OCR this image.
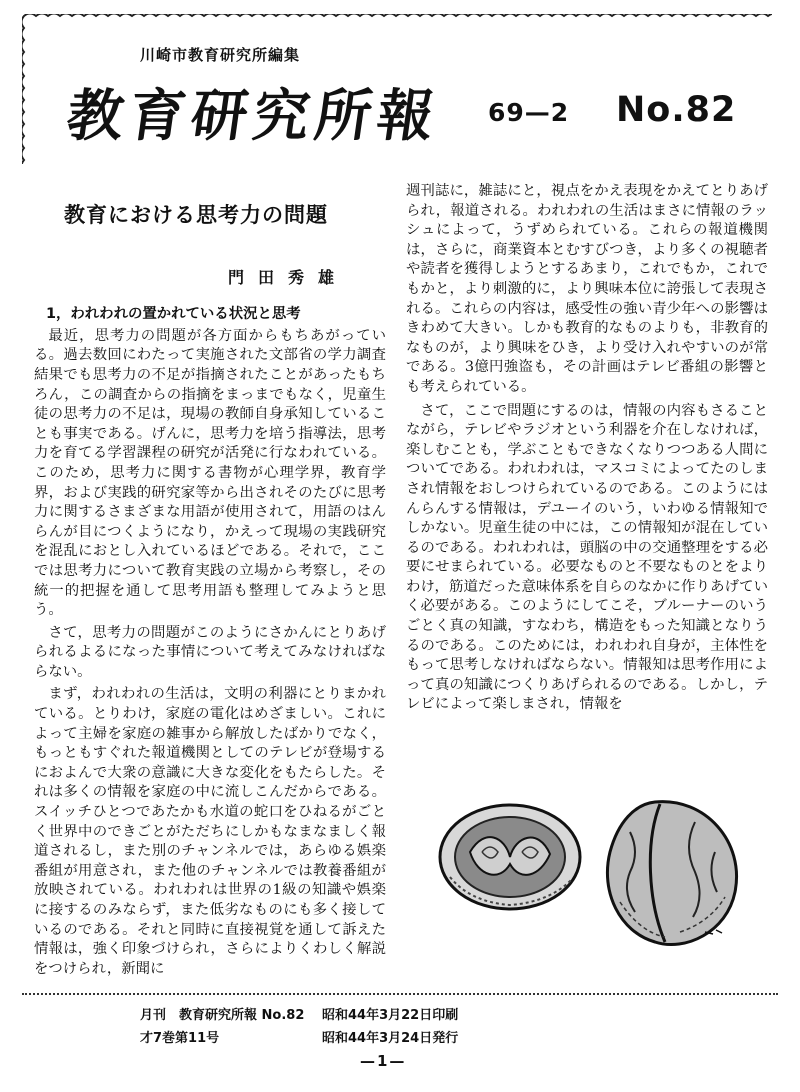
川崎市教育研究所編集
教育研究所報 69—2 No.82
教育における思考力の問題
門田秀雄
1，われわれの置かれている状況と思考

最近，思考力の問題が各方面からもちあがっている。過去数回にわたって実施された文部省の学力調査結果でも思考力の不足が指摘されたことがあったもちろん，この調査からの指摘をまっまでもなく，児童生徒の思考力の不足は，現場の教師自身承知していることも事実である。げんに，思考力を培う指導法，思考力を育てる学習課程の研究が活発に行なわれている。このため，思考力に関する書物が心理学界，教育学界，および実践的研究家等から出されそのたびに思考力に関するさまざまな用語が使用されて，用語のはんらんが目につくようになり，かえって現場の実践研究を混乱におとし入れているほどである。それで，ここでは思考力について教育実践の立場から考察し，その統一的把握を通して思考用語も整理してみようと思う。

さて，思考力の問題がこのようにさかんにとりあげられるよるになった事情について考えてみなければならない。

まず，われわれの生活は，文明の利器にとりまかれている。とりわけ，家庭の電化はめざましい。これによって主婦を家庭の雑事から解放したばかりでなく，もっともすぐれた報道機関としてのテレビが登場するにおよんで大衆の意識に大きな変化をもたらした。それは多くの情報を家庭の中に流しこんだからである。スイッチひとつであたかも水道の蛇口をひねるがごとく世界中のできごとがただちにしかもなまなましく報道されるし，また別のチャンネルでは，あらゆる娯楽番組が用意され，また他のチャンネルでは教養番組が放映されている。われわれは世界の1級の知識や娯楽に接するのみならず，また低劣なものにも多く接しているのである。それと同時に直接視覚を通して訴えた情報は，強く印象づけられ，さらによりくわしく解説をつけられ，新聞に

週刊誌に，雑誌にと，視点をかえ表現をかえてとりあげられ，報道される。われわれの生活はまさに情報のラッシュによって，うずめられている。これらの報道機関は，さらに，商業資本とむすびつき，より多くの視聴者や読者を獲得しようとするあまり，これでもか，これでもかと，より刺激的に，より興味本位に誇張して表現される。これらの内容は，感受性の強い青少年への影響はきわめて大きい。しかも教育的なものよりも，非教育的なものが，より興味をひき，より受け入れやすいのが常である。3億円強盗も，その計画はテレビ番組の影響とも考えられている。

さて，ここで問題にするのは，情報の内容もさることながら，テレビやラジオという利器を介在しなければ，楽しむことも，学ぶこともできなくなりつつある人間についてである。われわれは，マスコミによってたのしまされ情報をおしつけられているのである。このようにはんらんする情報は，デユーイのいう，いわゆる情報知でしかない。児童生徒の中には，この情報知が混在しているのである。われわれは，頭脳の中の交通整理をする必要にせまられている。必要なものと不要なものとをよりわけ，筋道だった意味体系を自らのなかに作りあげていく必要がある。このようにしてこそ，ブルーナーのいうごとく真の知識，すなわち，構造をもった知識となりうるのである。このためには，われわれ自身が，主体性をもって思考しなければならない。情報知は思考作用によって真の知識につくりあげられるのである。しかし，テレビによって楽しまされ，情報を

月刊　教育研究所報 No.82	昭和44年3月22日印刷
才7巻第11号	昭和44年3月24日発行
—1—
